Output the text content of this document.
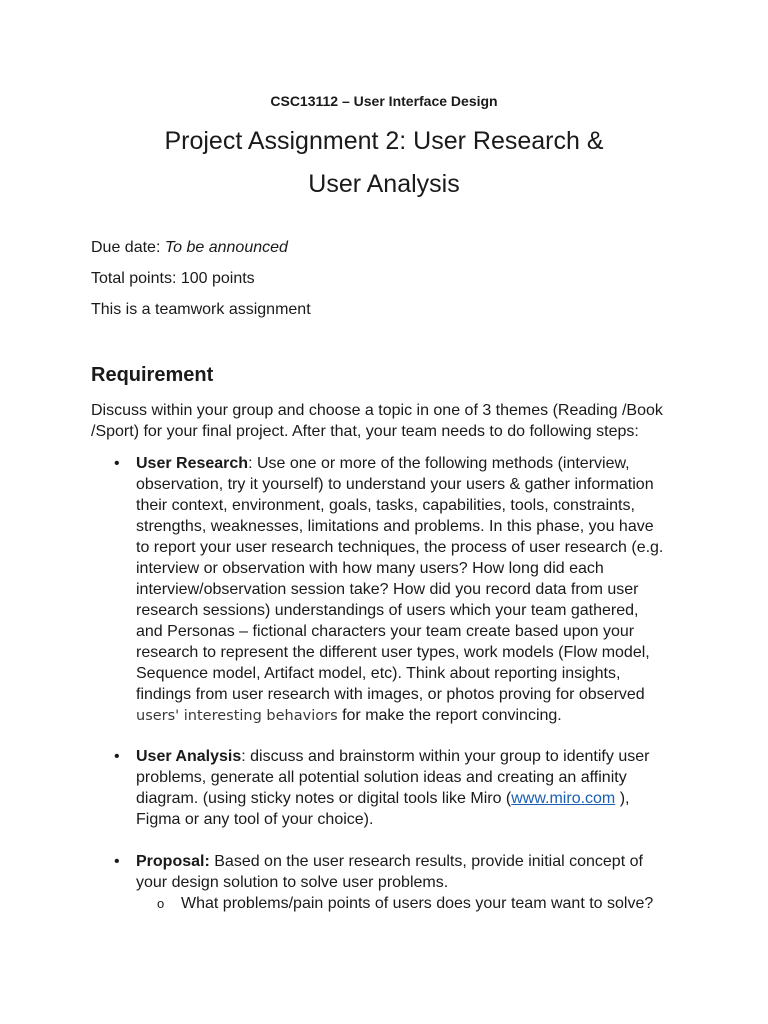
CSC13112 – User Interface Design
Project Assignment 2: User Research &
User Analysis
Due date: To be announced
Total points: 100 points
This is a teamwork assignment
Requirement
Discuss within your group and choose a topic in one of 3 themes (Reading /Book
/Sport) for your final project. After that, your team needs to do following steps:
• User Research: Use one or more of the following methods (interview,
observation, try it yourself) to understand your users & gather information
their context, environment, goals, tasks, capabilities, tools, constraints,
strengths, weaknesses, limitations and problems. In this phase, you have
to report your user research techniques, the process of user research (e.g.
interview or observation with how many users? How long did each
interview/observation session take? How did you record data from user
research sessions) understandings of users which your team gathered,
and Personas – fictional characters your team create based upon your
research to represent the different user types, work models (Flow model,
Sequence model, Artifact model, etc). Think about reporting insights,
findings from user research with images, or photos proving for observed
users' interesting behaviors for make the report convincing.
• User Analysis: discuss and brainstorm within your group to identify user
problems, generate all potential solution ideas and creating an affinity
diagram. (using sticky notes or digital tools like Miro (www.miro.com ),
Figma or any tool of your choice).
• Proposal: Based on the user research results, provide initial concept of
your design solution to solve user problems.
o What problems/pain points of users does your team want to solve?
